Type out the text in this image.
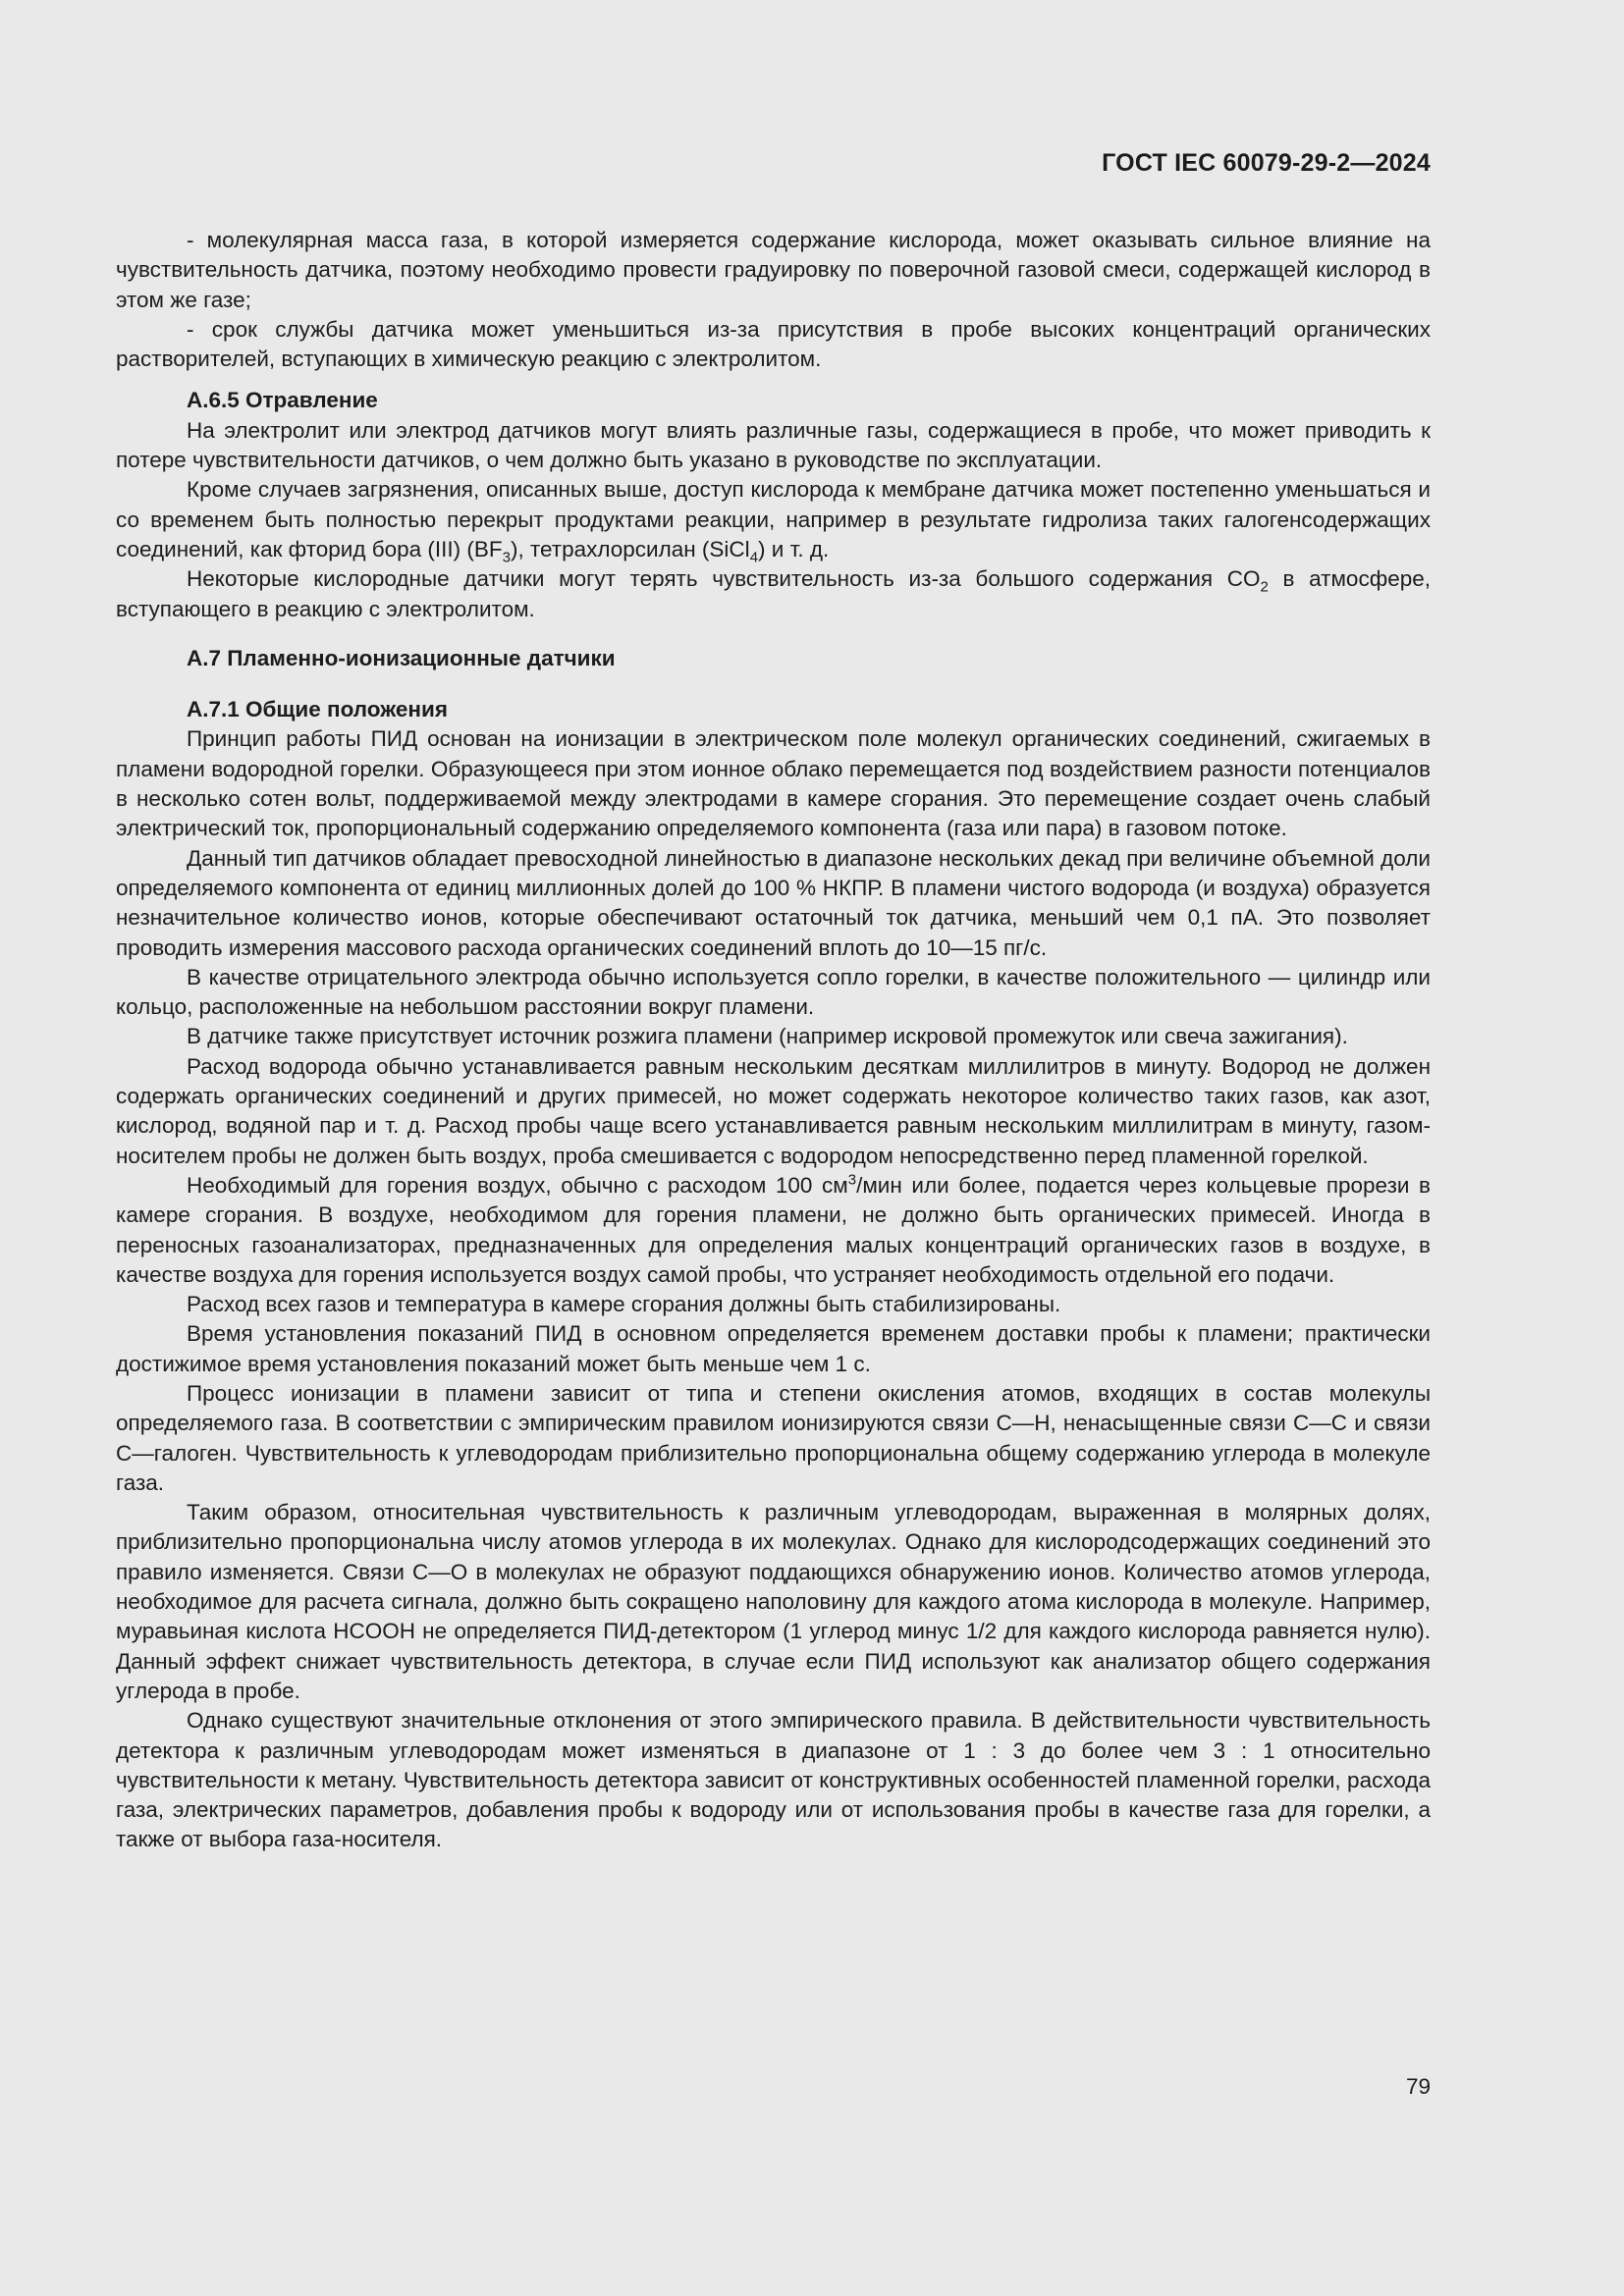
ГОСТ IEC 60079-29-2—2024

- молекулярная масса газа, в которой измеряется содержание кислорода, может оказывать сильное влияние на чувствительность датчика, поэтому необходимо провести градуировку по поверочной газовой смеси, содержащей кислород в этом же газе;

- срок службы датчика может уменьшиться из-за присутствия в пробе высоких концентраций органических растворителей, вступающих в химическую реакцию с электролитом.

А.6.5 Отравление

На электролит или электрод датчиков могут влиять различные газы, содержащиеся в пробе, что может приводить к потере чувствительности датчиков, о чем должно быть указано в руководстве по эксплуатации.

Кроме случаев загрязнения, описанных выше, доступ кислорода к мембране датчика может постепенно уменьшаться и со временем быть полностью перекрыт продуктами реакции, например в результате гидролиза таких галогенсодержащих соединений, как фторид бора (III) $(BF_3)$, тетрахлорсилан (SiCl$_4$) и т. д.

Некоторые кислородные датчики могут терять чувствительность из-за большого содержания $CO_2$ в атмосфере, вступающего в реакцию с электролитом.

А.7 Пламенно-ионизационные датчики
А.7.1 Общие положения

Принцип работы ПИД основан на ионизации в электрическом поле молекул органических соединений, сжигаемых в пламени водородной горелки. Образующееся при этом ионное облако перемещается под воздействием разности потенциалов в несколько сотен вольт, поддерживаемой между электродами в камере сгорания. Это перемещение создает очень слабый электрический ток, пропорциональный содержанию определяемого компонента (газа или пара) в газовом потоке.

Данный тип датчиков обладает превосходной линейностью в диапазоне нескольких декад при величине объемной доли определяемого компонента от единиц миллионных долей до 100 % НКПР. В пламени чистого водорода (и воздуха) образуется незначительное количество ионов, которые обеспечивают остаточный ток датчика, меньший чем 0,1 пА. Это позволяет проводить измерения массового расхода органических соединений вплоть до 10—15 пг/с.

В качестве отрицательного электрода обычно используется сопло горелки, в качестве положительного — цилиндр или кольцо, расположенные на небольшом расстоянии вокруг пламени.

В датчике также присутствует источник розжига пламени (например искровой промежуток или свеча зажигания).

Расход водорода обычно устанавливается равным нескольким десяткам миллилитров в минуту. Водород не должен содержать органических соединений и других примесей, но может содержать некоторое количество таких газов, как азот, кислород, водяной пар и т. д. Расход пробы чаще всего устанавливается равным нескольким миллилитрам в минуту, газом-носителем пробы не должен быть воздух, проба смешивается с водородом непосредственно перед пламенной горелкой.

Необходимый для горения воздух, обычно с расходом 100 $см^3$/мин или более, подается через кольцевые прорези в камере сгорания. В воздухе, необходимом для горения пламени, не должно быть органических примесей. Иногда в переносных газоанализаторах, предназначенных для определения малых концентраций органических газов в воздухе, в качестве воздуха для горения используется воздух самой пробы, что устраняет необходимость отдельной его подачи.

Расход всех газов и температура в камере сгорания должны быть стабилизированы.

Время установления показаний ПИД в основном определяется временем доставки пробы к пламени; практически достижимое время установления показаний может быть меньше чем 1 с.

Процесс ионизации в пламени зависит от типа и степени окисления атомов, входящих в состав молекулы определяемого газа. В соответствии с эмпирическим правилом ионизируются связи С—Н, ненасыщенные связи С—С и связи С—галоген. Чувствительность к углеводородам приблизительно пропорциональна общему содержанию углерода в молекуле газа.

Таким образом, относительная чувствительность к различным углеводородам, выраженная в молярных долях, приблизительно пропорциональна числу атомов углерода в их молекулах. Однако для кислородсодержащих соединений это правило изменяется. Связи С—О в молекулах не образуют поддающихся обнаружению ионов. Количество атомов углерода, необходимое для расчета сигнала, должно быть сокращено наполовину для каждого атома кислорода в молекуле. Например, муравьиная кислота HCOOH не определяется ПИД-детектором (1 углерод минус 1/2 для каждого кислорода равняется нулю). Данный эффект снижает чувствительность детектора, в случае если ПИД используют как анализатор общего содержания углерода в пробе.

Однако существуют значительные отклонения от этого эмпирического правила. В действительности чувствительность детектора к различным углеводородам может изменяться в диапазоне от 1 : 3 до более чем 3 : 1 относительно чувствительности к метану. Чувствительность детектора зависит от конструктивных особенностей пламенной горелки, расхода газа, электрических параметров, добавления пробы к водороду или от использования пробы в качестве газа для горелки, а также от выбора газа-носителя.

79
